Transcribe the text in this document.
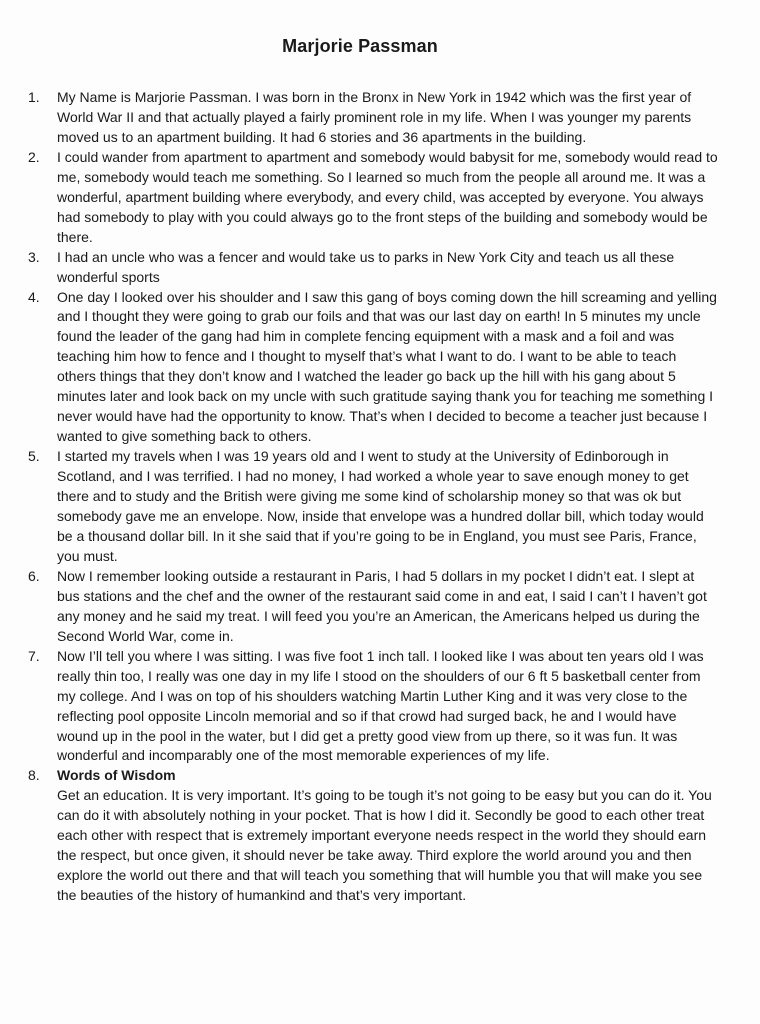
Marjorie Passman
1.	My Name is Marjorie Passman. I was born in the Bronx in New York in 1942 which was the first year of World War II and that actually played a fairly prominent role in my life. When I was younger my parents moved us to an apartment building. It had 6 stories and 36 apartments in the building.

2.	I could wander from apartment to apartment and somebody would babysit for me, somebody would read to me, somebody would teach me something. So I learned so much from the people all around me. It was a wonderful, apartment building where everybody, and every child, was accepted by everyone. You always had somebody to play with you could always go to the front steps of the building and somebody would be there.

3.	I had an uncle who was a fencer and would take us to parks in New York City and teach us all these wonderful sports

4.	One day I looked over his shoulder and I saw this gang of boys coming down the hill screaming and yelling and I thought they were going to grab our foils and that was our last day on earth! In 5 minutes my uncle found the leader of the gang had him in complete fencing equipment with a mask and a foil and was teaching him how to fence and I thought to myself that’s what I want to do. I want to be able to teach others things that they don’t know and I watched the leader go back up the hill with his gang about 5 minutes later and look back on my uncle with such gratitude saying thank you for teaching me something I never would have had the opportunity to know. That’s when I decided to become a teacher just because I wanted to give something back to others.

5.	I started my travels when I was 19 years old and I went to study at the University of Edinborough in Scotland, and I was terrified. I had no money, I had worked a whole year to save enough money to get there and to study and the British were giving me some kind of scholarship money so that was ok but somebody gave me an envelope. Now, inside that envelope was a hundred dollar bill, which today would be a thousand dollar bill. In it she said that if you’re going to be in England, you must see Paris, France, you must.

6.	Now I remember looking outside a restaurant in Paris, I had 5 dollars in my pocket I didn’t eat. I slept at bus stations and the chef and the owner of the restaurant said come in and eat, I said I can’t I haven’t got any money and he said my treat. I will feed you you’re an American, the Americans helped us during the Second World War, come in.

7.	Now I’ll tell you where I was sitting. I was five foot 1 inch tall. I looked like I was about ten years old I was really thin too, I really was one day in my life I stood on the shoulders of our 6 ft 5 basketball center from my college. And I was on top of his shoulders watching Martin Luther King and it was very close to the reflecting pool opposite Lincoln memorial and so if that crowd had surged back, he and I would have wound up in the pool in the water, but I did get a pretty good view from up there, so it was fun. It was wonderful and incomparably one of the most memorable experiences of my life.

8.	Words of Wisdom
Get an education. It is very important. It’s going to be tough it’s not going to be easy but you can do it. You can do it with absolutely nothing in your pocket. That is how I did it. Secondly be good to each other treat each other with respect that is extremely important everyone needs respect in the world they should earn the respect, but once given, it should never be take away. Third explore the world around you and then explore the world out there and that will teach you something that will humble you that will make you see the beauties of the history of humankind and that’s very important.
